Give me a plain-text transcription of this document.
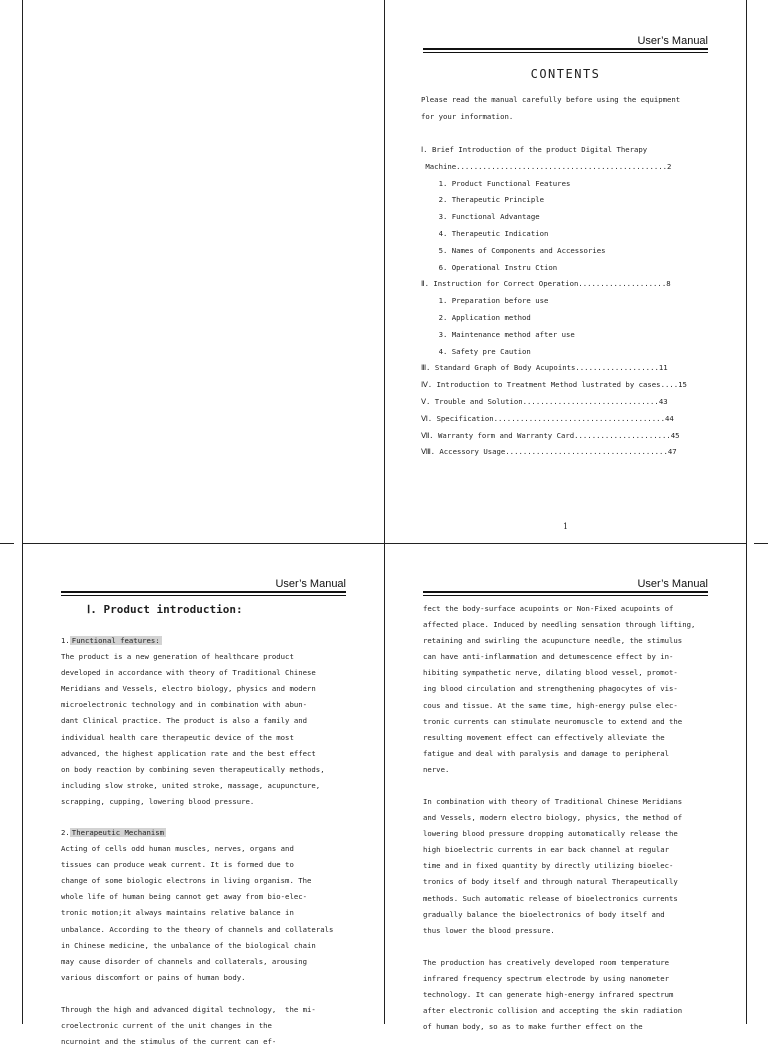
User’s Manual
CONTENTS
Please read the manual carefully before using the equipment
for your information.
Ⅰ. Brief Introduction of the product Digital Therapy
Machine................................................2
1. Product Functional Features
2. Therapeutic Principle
3. Functional Advantage
4. Therapeutic Indication
5. Names of Components and Accessories
6. Operational Instru Ction
Ⅱ. Instruction for Correct Operation....................8
1. Preparation before use
2. Application method
3. Maintenance method after use
4. Safety pre Caution
Ⅲ. Standard Graph of Body Acupoints...................11
Ⅳ. Introduction to Treatment Method lustrated by cases....15
Ⅴ. Trouble and Solution...............................43
Ⅵ. Specification.......................................44
Ⅶ. Warranty form and Warranty Card......................45
Ⅷ. Accessory Usage.....................................47
1
User’s Manual
Ⅰ. Product introduction:
1. Functional features:
The product is a new generation of healthcare product
developed in accordance with theory of Traditional Chinese
Meridians and Vessels, electro biology, physics and modern
microelectronic technology and in combination with abun-
dant Clinical practice. The product is also a family and
individual health care therapeutic device of the most
advanced, the highest application rate and the best effect
on body reaction by combining seven therapeutically methods,
including slow stroke, united stroke, massage, acupuncture,
scrapping, cupping, lowering blood pressure.
2. Therapeutic Mechanism
Acting of cells odd human muscles, nerves, organs and
tissues can produce weak current. It is formed due to
change of some biologic electrons in living organism. The
whole life of human being cannot get away from bio-elec-
tronic motion;it always maintains relative balance in
unbalance. According to the theory of channels and collaterals
in Chinese medicine, the unbalance of the biological chain
may cause disorder of channels and collaterals, arousing
various discomfort or pains of human body.
Through the high and advanced digital technology,  the mi-
croelectronic current of the unit changes in the
ncurnoint and the stimulus of the current can ef-
User’s Manual
fect the body-surface acupoints or Non-Fixed acupoints of
affected place. Induced by needling sensation through lifting,
retaining and swirling the acupuncture needle, the stimulus
can have anti-inflammation and detumescence effect by in-
hibiting sympathetic nerve, dilating blood vessel, promot-
ing blood circulation and strengthening phagocytes of vis-
cous and tissue. At the same time, high-energy pulse elec-
tronic currents can stimulate neuromuscle to extend and the
resulting movement effect can effectively alleviate the
fatigue and deal with paralysis and damage to peripheral
nerve.
In combination with theory of Traditional Chinese Meridians
and Vessels, modern electro biology, physics, the method of
lowering blood pressure dropping automatically release the
high bioelectric currents in ear back channel at regular
time and in fixed quantity by directly utilizing bioelec-
tronics of body itself and through natural Therapeutically
methods. Such automatic release of bioelectronics currents
gradually balance the bioelectronics of body itself and
thus lower the blood pressure.
The production has creatively developed room temperature
infrared frequency spectrum electrode by using nanometer
technology. It can generate high-energy infrared spectrum
after electronic collision and accepting the skin radiation
of human body, so as to make further effect on the
